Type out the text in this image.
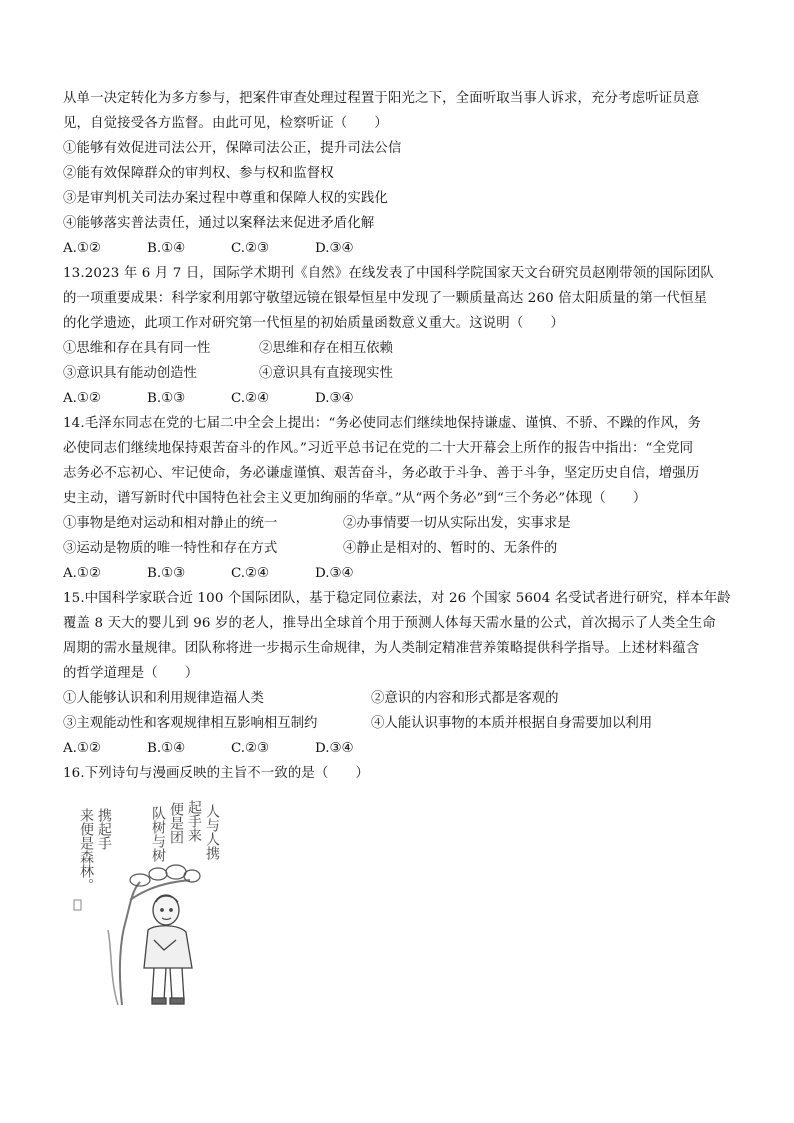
从单一决定转化为多方参与，把案件审查处理过程置于阳光之下，全面听取当事人诉求，充分考虑听证员意
见，自觉接受各方监督。由此可见，检察听证（　　）
①能够有效促进司法公开，保障司法公正，提升司法公信
②能有效保障群众的审判权、参与权和监督权
③是审判机关司法办案过程中尊重和保障人权的实践化
④能够落实普法责任，通过以案释法来促进矛盾化解
A.①②	B.①④	C.②③	D.③④
13.2023 年 6 月 7 日，国际学术期刊《自然》在线发表了中国科学院国家天文台研究员赵刚带领的国际团队
的一项重要成果：科学家利用郭守敬望远镜在银晕恒星中发现了一颗质量高达 260 倍太阳质量的第一代恒星
的化学遗迹，此项工作对研究第一代恒星的初始质量函数意义重大。这说明（　　）
①思维和存在具有同一性	②思维和存在相互依赖
③意识具有能动创造性	④意识具有直接现实性
A.①②	B.①③	C.②④	D.③④
14.毛泽东同志在党的七届二中全会上提出：“务必使同志们继续地保持谦虚、谨慎、不骄、不躁的作风，务
必使同志们继续地保持艰苦奋斗的作风。”习近平总书记在党的二十大开幕会上所作的报告中指出：“全党同
志务必不忘初心、牢记使命，务必谦虚谨慎、艰苦奋斗，务必敢于斗争、善于斗争，坚定历史自信，增强历
史主动，谱写新时代中国特色社会主义更加绚丽的华章。”从“两个务必”到“三个务必”体现（　　）
①事物是绝对运动和相对静止的统一	②办事情要一切从实际出发，实事求是
③运动是物质的唯一特性和存在方式	④静止是相对的、暂时的、无条件的
A.①②	B.①③	C.②④	D.③④
15.中国科学家联合近 100 个国际团队，基于稳定同位素法，对 26 个国家 5604 名受试者进行研究，样本年龄
覆盖 8 天大的婴儿到 96 岁的老人，推导出全球首个用于预测人体每天需水量的公式，首次揭示了人类全生命
周期的需水量规律。团队称将进一步揭示生命规律，为人类制定精准营养策略提供科学指导。上述材料蕴含
的哲学道理是（　　）
①人能够认识和利用规律造福人类	②意识的内容和形式都是客观的
③主观能动性和客观规律相互影响相互制约	④人能认识事物的本质并根据自身需要加以利用
A.①②	B.①④	C.②③	D.③④
16.下列诗句与漫画反映的主旨不一致的是（　　）
人与人携
起手来
便是团
队树与树
携起手
来便是森林。
